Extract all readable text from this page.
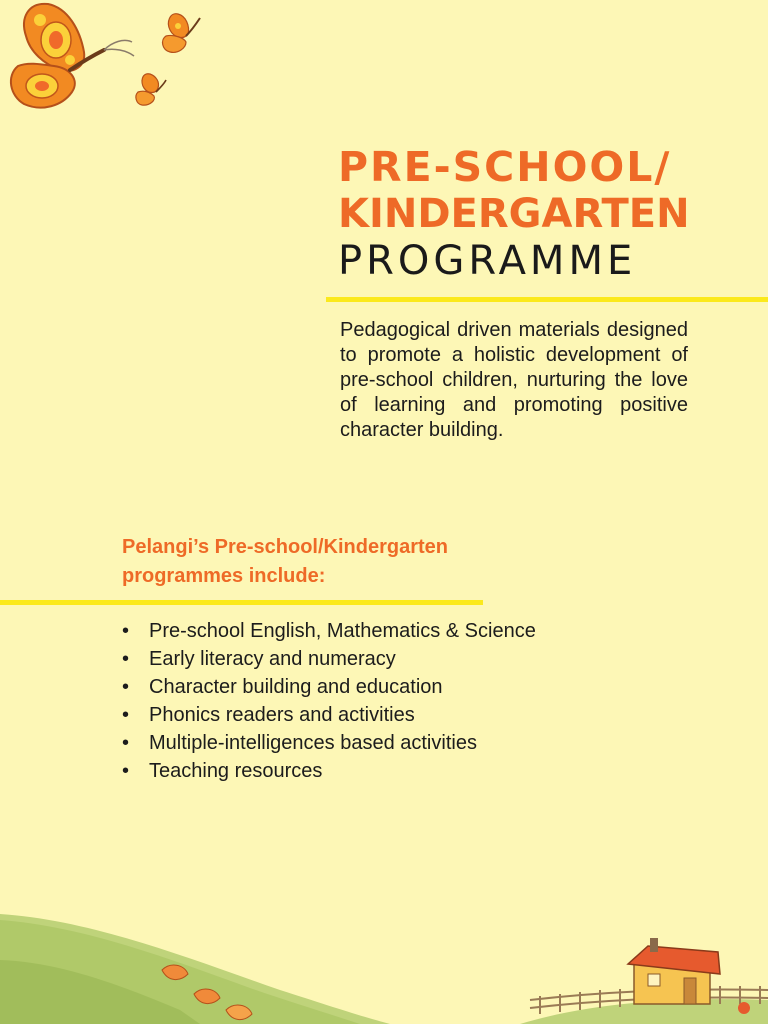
PRE-SCHOOL/
KINDERGARTEN
PROGRAMME

Pedagogical driven materials designed to promote a holistic development of pre-school children, nurturing the love of learning and promoting positive character building.

Pelangi’s Pre-school/Kindergarten
programmes include:

• Pre-school English, Mathematics & Science
• Early literacy and numeracy
• Character building and education
• Phonics readers and activities
• Multiple-intelligences based activities
• Teaching resources
